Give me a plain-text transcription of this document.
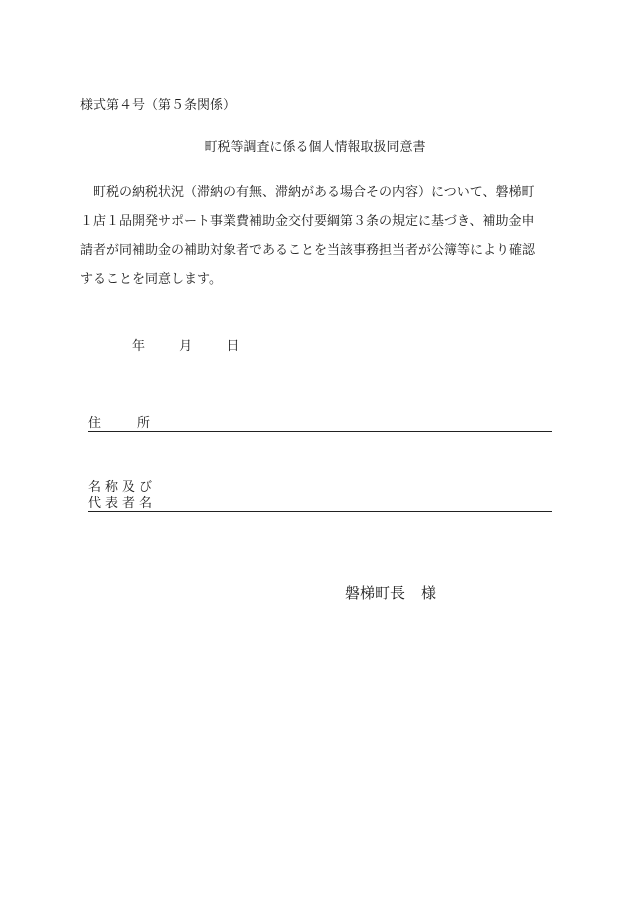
様式第４号（第５条関係）
町税等調査に係る個人情報取扱同意書
　町税の納税状況（滞納の有無、滞納がある場合その内容）について、磐梯町
１店１品開発サポート事業費補助金交付要綱第３条の規定に基づき、補助金申
請者が同補助金の補助対象者であることを当該事務担当者が公簿等により確認
することを同意します。
年	月	日
住所
名称及び
代表者名
磐梯町長 様
